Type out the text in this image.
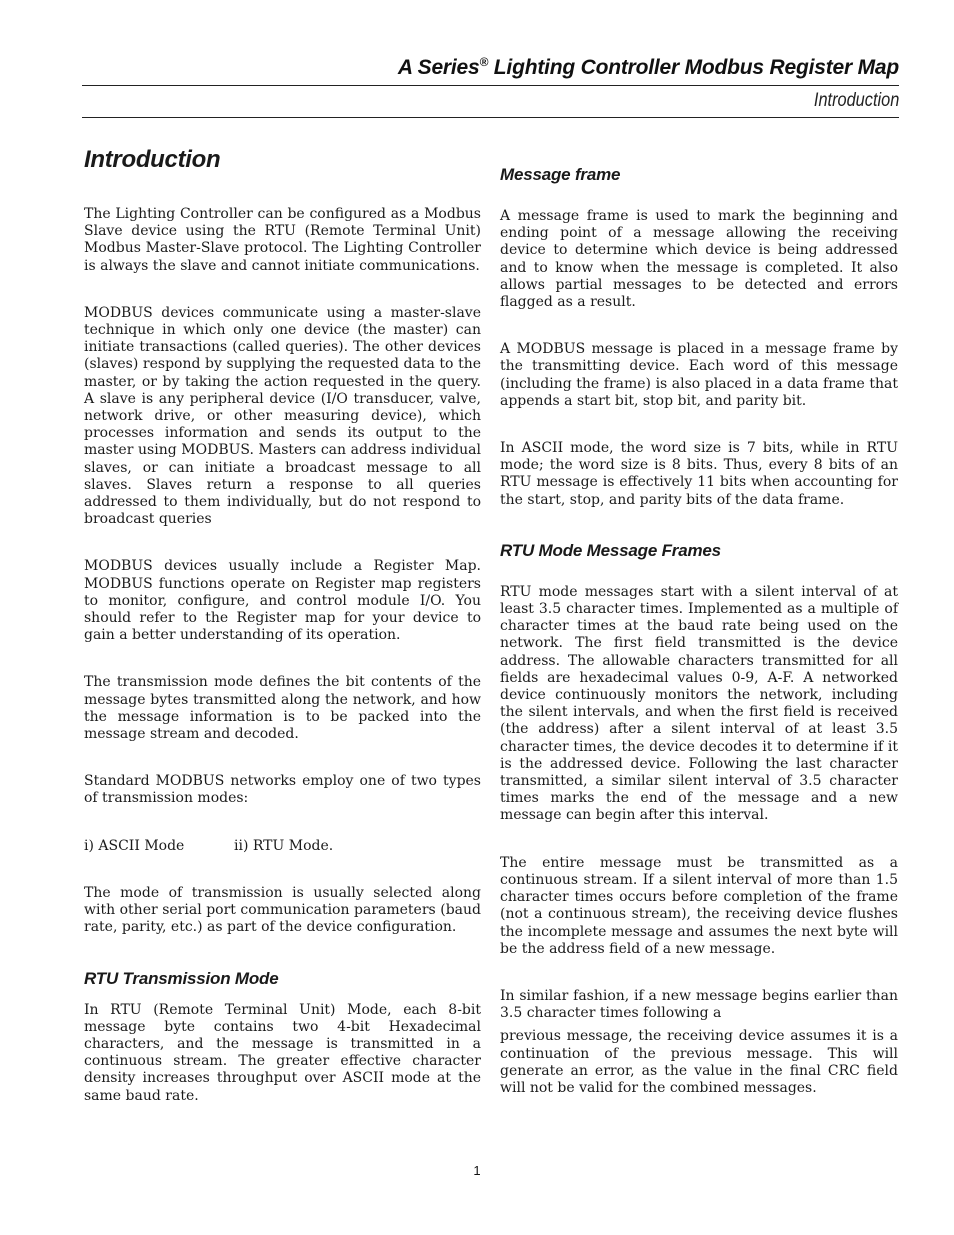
A Series® Lighting Controller Modbus Register Map
Introduction
Introduction

The Lighting Controller can be configured as a Modbus Slave device using the RTU (Remote Terminal Unit) Modbus Master-Slave protocol. The Lighting Controller is always the slave and cannot initiate communications.

MODBUS devices communicate using a master-slave technique in which only one device (the master) can initiate transactions (called queries). The other devices (slaves) respond by supplying the requested data to the master, or by taking the action requested in the query. A slave is any peripheral device (I/O transducer, valve, network drive, or other measuring device), which processes information and sends its output to the master using MODBUS. Masters can address individual slaves, or can initiate a broadcast message to all slaves. Slaves return a response to all queries addressed to them individually, but do not respond to broadcast queries

MODBUS devices usually include a Register Map. MODBUS functions operate on Register map registers to monitor, configure, and control module I/O. You should refer to the Register map for your device to gain a better understanding of its operation.

The transmission mode defines the bit contents of the message bytes transmitted along the network, and how the message information is to be packed into the message stream and decoded.

Standard MODBUS networks employ one of two types of transmission modes:

i) ASCII Mode	ii) RTU Mode.

The mode of transmission is usually selected along with other serial port communication parameters (baud rate, parity, etc.) as part of the device configuration.

RTU Transmission Mode

In RTU (Remote Terminal Unit) Mode, each 8-bit message byte contains two 4-bit Hexadecimal characters, and the message is transmitted in a continuous stream. The greater effective character density increases throughput over ASCII mode at the same baud rate.

Message frame

A message frame is used to mark the beginning and ending point of a message allowing the receiving device to determine which device is being addressed and to know when the message is completed. It also allows partial messages to be detected and errors flagged as a result.

A MODBUS message is placed in a message frame by the transmitting device. Each word of this message (including the frame) is also placed in a data frame that appends a start bit, stop bit, and parity bit.

In ASCII mode, the word size is 7 bits, while in RTU mode; the word size is 8 bits. Thus, every 8 bits of an RTU message is effectively 11 bits when accounting for the start, stop, and parity bits of the data frame.

RTU Mode Message Frames

RTU mode messages start with a silent interval of at least 3.5 character times. Implemented as a multiple of character times at the baud rate being used on the network. The first field transmitted is the device address. The allowable characters transmitted for all fields are hexadecimal values 0-9, A-F. A networked device continuously monitors the network, including the silent intervals, and when the first field is received (the address) after a silent interval of at least 3.5 character times, the device decodes it to determine if it is the addressed device. Following the last character transmitted, a similar silent interval of 3.5 character times marks the end of the message and a new message can begin after this interval.

The entire message must be transmitted as a continuous stream. If a silent interval of more than 1.5 character times occurs before completion of the frame (not a continuous stream), the receiving device flushes the incomplete message and assumes the next byte will be the address field of a new message.

In similar fashion, if a new message begins earlier than 3.5 character times following a

previous message, the receiving device assumes it is a continuation of the previous message. This will generate an error, as the value in the final CRC field will not be valid for the combined messages.

1
